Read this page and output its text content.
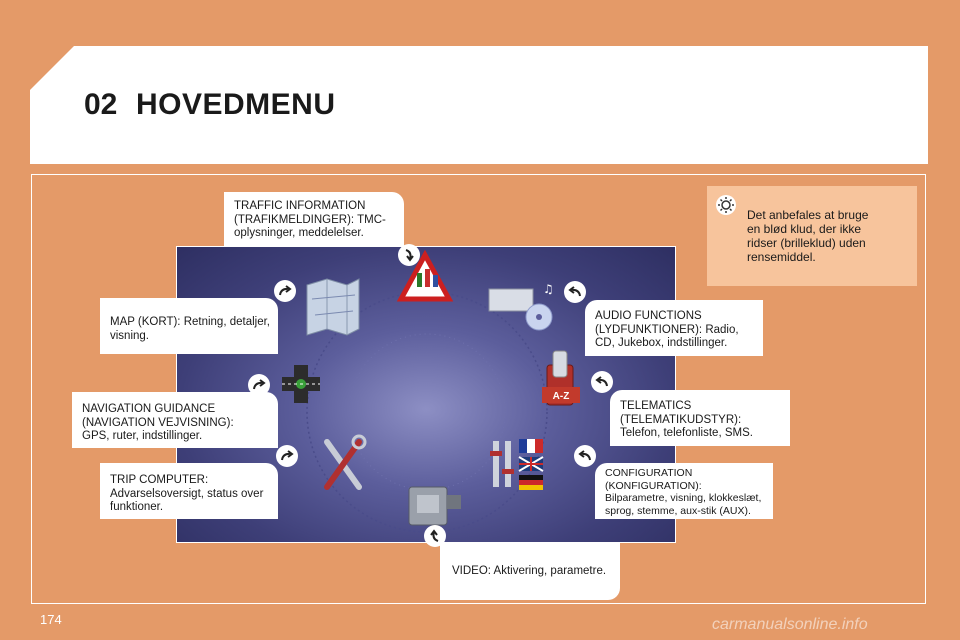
02 HOVEDMENU
♫
A-Z
TRAFFIC INFORMATION
(TRAFIKMELDINGER): TMC-
oplysninger, meddelelser.
MAP (KORT): Retning, detaljer,
visning.
NAVIGATION GUIDANCE
(NAVIGATION VEJVISNING):
GPS, ruter, indstillinger.
TRIP COMPUTER:
Advarselsoversigt, status over
funktioner.
AUDIO FUNCTIONS
(LYDFUNKTIONER): Radio,
CD, Jukebox, indstillinger.
TELEMATICS
(TELEMATIKUDSTYR):
Telefon, telefonliste, SMS.
CONFIGURATION
(KONFIGURATION):
Bilparametre, visning, klokkeslæt,
sprog, stemme, aux-stik (AUX).
VIDEO: Aktivering, parametre.
Det anbefales at bruge
en blød klud, der ikke
ridser (brilleklud) uden
rensemiddel.
174	carmanualsonline.info
